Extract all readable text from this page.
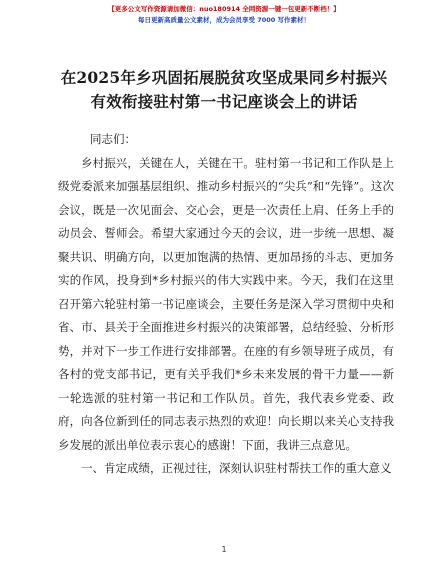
【更多公文写作资源请加微信：nuo180914 全网资源一键一包更新不断档！】
每日更新高质量公文素材，成为会员享受 7000 写作素材！
在2025年乡巩固拓展脱贫攻坚成果同乡村振兴
有效衔接驻村第一书记座谈会上的讲话

同志们：

乡村振兴，关键在人，关键在干。驻村第一书记和工作队是上级党委派来加强基层组织、推动乡村振兴的“尖兵”和“先锋”。这次会议，既是一次见面会、交心会，更是一次责任上肩、任务上手的动员会、誓师会。希望大家通过今天的会议，进一步统一思想、凝聚共识、明确方向，以更加饱满的热情、更加昂扬的斗志、更加务实的作风，投身到*乡村振兴的伟大实践中来。今天，我们在这里召开第六轮驻村第一书记座谈会，主要任务是深入学习贯彻中央和省、市、县关于全面推进乡村振兴的决策部署，总结经验、分析形势，并对下一步工作进行安排部署。在座的有乡领导班子成员，有各村的党支部书记，更有关乎我们*乡未来发展的骨干力量——新一轮选派的驻村第一书记和工作队员。首先，我代表乡党委、政府，向各位新到任的同志表示热烈的欢迎！向长期以来关心支持我乡发展的派出单位表示衷心的感谢！下面，我讲三点意见。

一、肯定成绩，正视过往，深刻认识驻村帮扶工作的重大意义

1
